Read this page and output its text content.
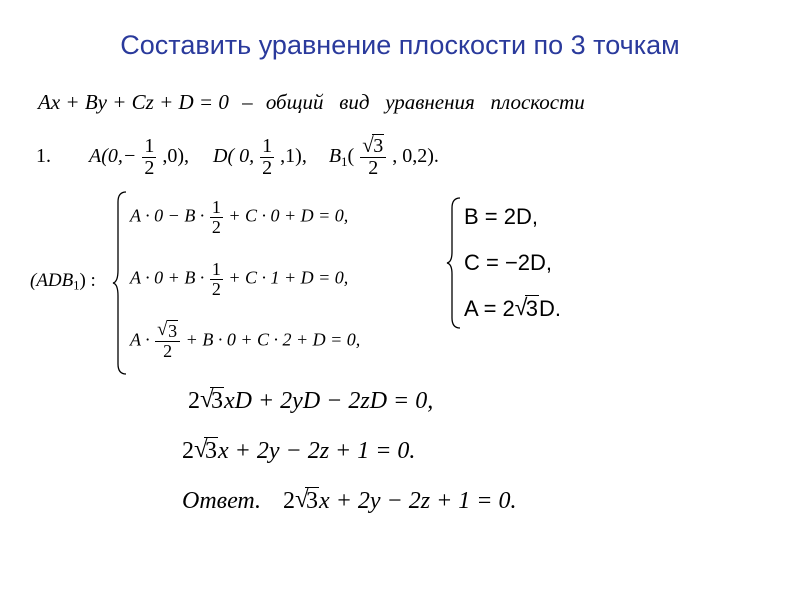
Составить уравнение плоскости по 3 точкам
Ax + By + Cz + D = 0 – общий   вид   уравнения   плоскости
1. $A(0,- \frac{1}{2} ,0)$, D( 0, $\frac{1}{2} ,1$), $B_1( \frac{√ 3}{2}$ , 0,2).
$(ADB_1)$ :
$A \cdot 0 - B \cdot \frac{1}{2} + C \cdot 0 + D = 0$,
$A \cdot 0 + B \cdot \frac{1}{2} + C \cdot 1 + D = 0$,
$A \cdot \frac{√ 3}{2} + B \cdot 0 + C \cdot 2 + D = 0$,
B = 2D,
C = −2D,
A = 2 √
3D.
2 √
3xD + 2yD − 2zD = 0,
2 √
3x + 2y − 2z + 1 = 0.
Ответ. 2 √
3x + 2y − 2z + 1 = 0.
